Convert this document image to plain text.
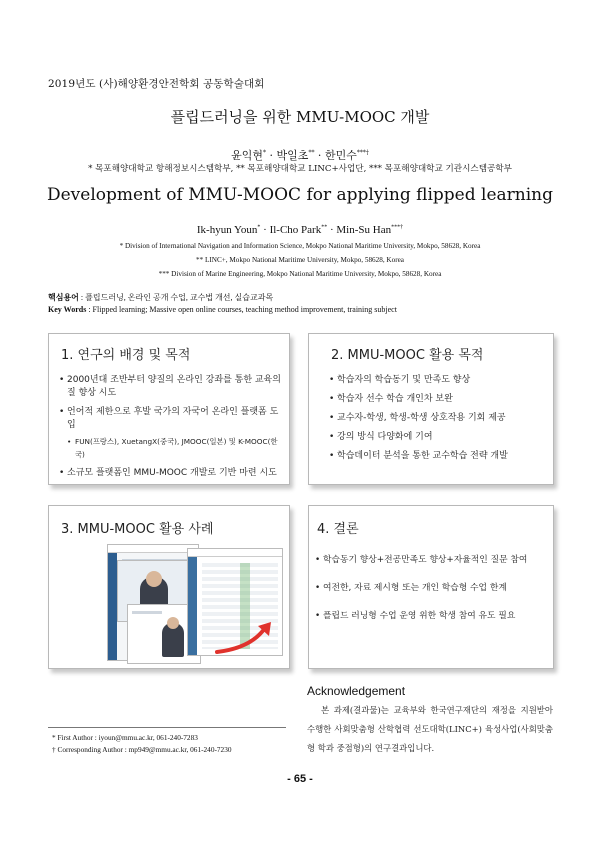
2019년도 (사)해양환경안전학회 공동학술대회
플립드러닝을 위한 MMU-MOOC 개발
윤익현* · 박일초** · 한민수***†
* 목포해양대학교 항해정보시스템학부, ** 목포해양대학교 LINC+사업단, *** 목포해양대학교 기관시스템공학부
Development of MMU-MOOC for applying flipped learning
Ik-hyun Youn* · Il-Cho Park** · Min-Su Han***†
* Division of International Navigation and Information Science, Mokpo National Maritime University, Mokpo, 58628, Korea
** LINC+, Mokpo National Maritime University, Mokpo, 58628, Korea
*** Division of Marine Engineering, Mokpo National Maritime University, Mokpo, 58628, Korea
핵심용어 : 플립드러닝, 온라인 공개 수업, 교수법 개선, 실습교과목
Key Words : Flipped learning; Massive open online courses, teaching method improvement, training subject
1. 연구의 배경 및 목적
• 2000년대 조반부터 양질의 온라인 강좌를 통한 교육의 질 향상 시도
• 언어적 제한으로 후발 국가의 자국어 온라인 플랫폼 도입
• FUN(프랑스), XuetangX(중국), JMOOC(일본) 및 K-MOOC(한국)
• 소규모 플랫폼인 MMU-MOOC 개발로 기반 마련 시도
2. MMU-MOOC 활용 목적
• 학습자의 학습동기 및 만족도 향상
• 학습자 선수 학습 개인차 보완
• 교수자-학생, 학생-학생 상호작용 기회 제공
• 강의 방식 다양화에 기여
• 학습데이터 분석을 통한 교수학습 전략 개발
3. MMU-MOOC 활용 사례	4. 결론
• 학습동기 향상+전공만족도 향상+자율적인 질문 참여
• 여전한, 자료 제시형 또는 개인 학습형 수업 한계
• 플립드 러닝형 수업 운영 위한 학생 참여 유도 필요
Acknowledgement
본 과제(결과물)는 교육부와 한국연구재단의 재정을 지원받아 수행한 사회맞춤형 산학협력 선도대학(LINC+) 육성사업(사회맞춤형 학과 중점형)의 연구결과입니다.
* First Author : iyoun@mmu.ac.kr, 061-240-7283
† Corresponding Author : mp949@mmu.ac.kr, 061-240-7230
- 65 -
